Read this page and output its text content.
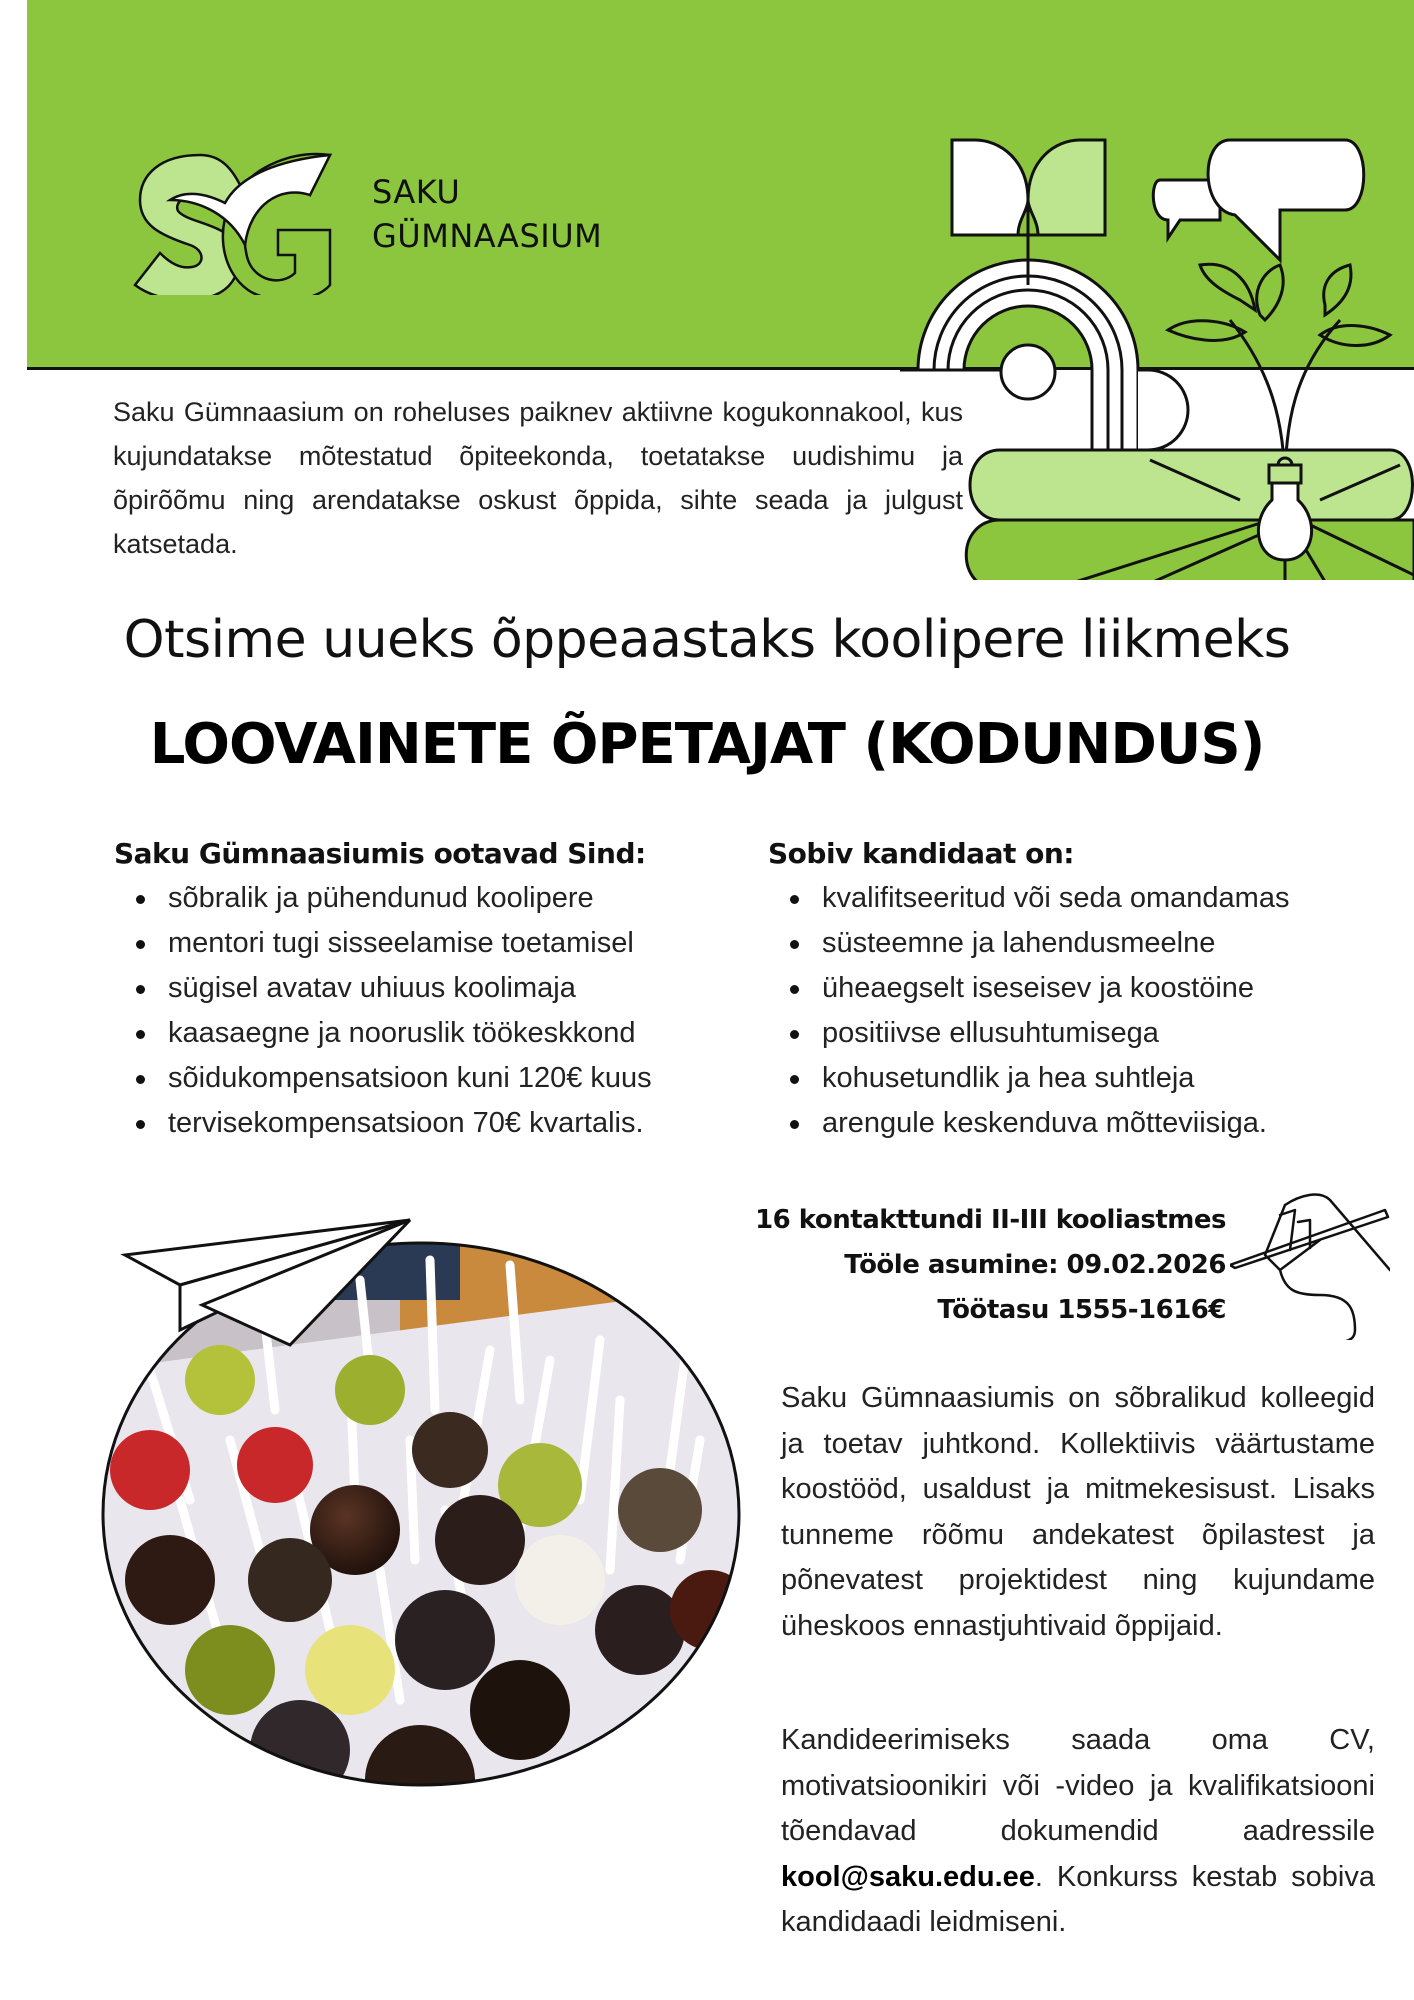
SAKU
GÜMNAASIUM
Saku Gümnaasium on roheluses paiknev aktiivne kogukonnakool, kus kujundatakse mõtestatud õpiteekonda, toetatakse uudishimu ja õpirõõmu ning arendatakse oskust õppida, sihte seada ja julgust katsetada.
Otsime uueks õppeaastaks koolipere liikmeks
LOOVAINETE ÕPETAJAT (KODUNDUS)
Saku Gümnaasiumis ootavad Sind:
sõbralik ja pühendunud koolipere
mentori tugi sisseelamise toetamisel
sügisel avatav uhiuus koolimaja
kaasaegne ja nooruslik töökeskkond
sõidukompensatsioon kuni 120€ kuus
tervisekompensatsioon 70€ kvartalis.
Sobiv kandidaat on:
kvalifitseeritud või seda omandamas
süsteemne ja lahendusmeelne
üheaegselt iseseisev ja koostöine
positiivse ellusuhtumisega
kohusetundlik ja hea suhtleja
arengule keskenduva mõtteviisiga.
16 kontakttundi II-III kooliastmes
Tööle asumine: 09.02.2026
Töötasu 1555-1616€
Saku Gümnaasiumis on sõbralikud kolleegid ja toetav juhtkond. Kollektiivis väärtustame koostööd, usaldust ja mitmekesisust. Lisaks tunneme rõõmu andekatest õpilastest ja põnevatest projektidest ning kujundame üheskoos ennastjuhtivaid õppijaid.
Kandideerimiseks saada oma CV, motivatsioonikiri või -video ja kvalifikatsiooni tõendavad dokumendid aadressile kool@saku.edu.ee. Konkurss kestab sobiva kandidaadi leidmiseni.
